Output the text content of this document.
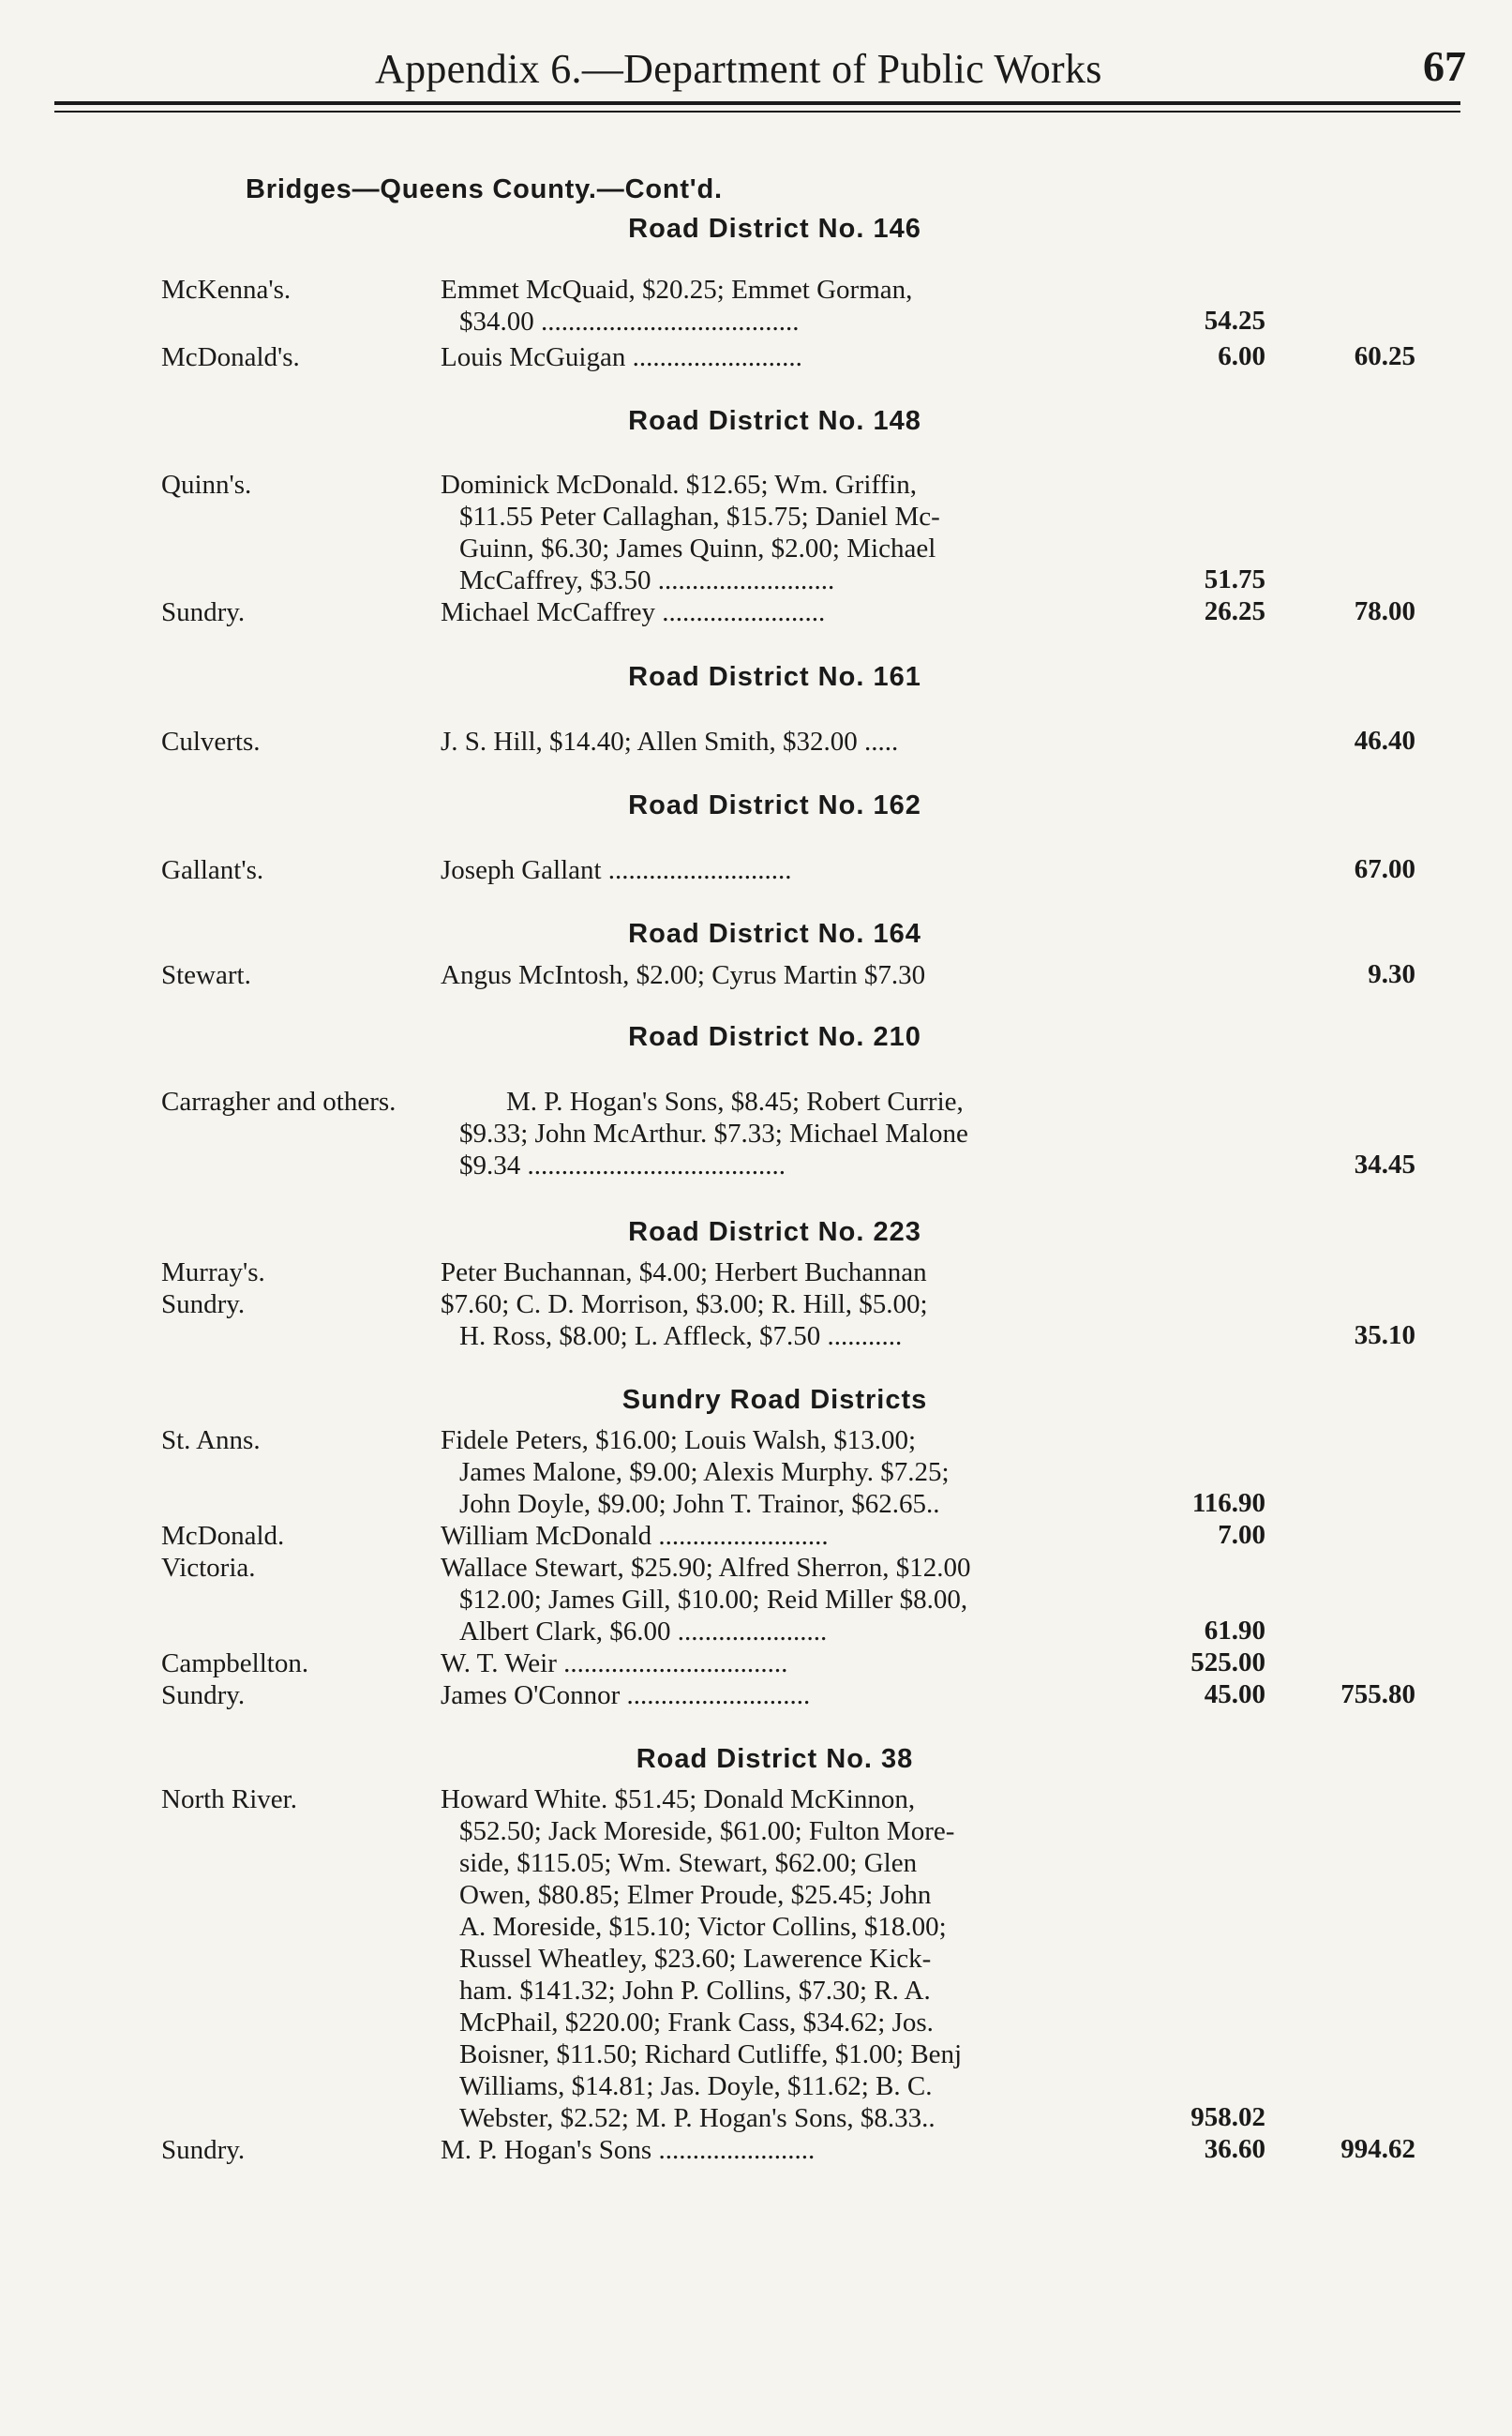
Appendix 6.—Department of Public Works	67
Bridges—Queens County.—Cont'd.
Road District No. 146
McKenna's.	Emmet McQuaid, $20.25; Emmet Gorman,
$34.00 ......................................	54.25
McDonald's.	Louis McGuigan .........................	6.00	60.25
Road District No. 148
Quinn's.	Dominick McDonald. $12.65; Wm. Griffin,
$11.55 Peter Callaghan, $15.75; Daniel Mc-
Guinn, $6.30; James Quinn, $2.00; Michael
McCaffrey, $3.50 ..........................	51.75
Sundry.	Michael McCaffrey ........................	26.25	78.00
Road District No. 161
Culverts.	J. S. Hill, $14.40; Allen Smith, $32.00 .....	46.40
Road District No. 162
Gallant's.	Joseph Gallant ...........................	67.00
Road District No. 164
Stewart.	Angus McIntosh, $2.00; Cyrus Martin $7.30	9.30
Road District No. 210
Carragher and others.	M. P. Hogan's Sons, $8.45; Robert Currie,
$9.33; John McArthur. $7.33; Michael Malone
$9.34 ......................................	34.45
Road District No. 223
Murray's.	Peter Buchannan, $4.00; Herbert Buchannan
Sundry.	$7.60; C. D. Morrison, $3.00; R. Hill, $5.00;
H. Ross, $8.00; L. Affleck, $7.50 ...........	35.10
Sundry Road Districts
St. Anns.	Fidele Peters, $16.00; Louis Walsh, $13.00;
James Malone, $9.00; Alexis Murphy. $7.25;
John Doyle, $9.00; John T. Trainor, $62.65..	116.90
McDonald.	William McDonald .........................	7.00
Victoria.	Wallace Stewart, $25.90; Alfred Sherron, $12.00
$12.00; James Gill, $10.00; Reid Miller $8.00,
Albert Clark, $6.00 ......................	61.90
Campbellton.	W. T. Weir .................................	525.00
Sundry.	James O'Connor ...........................	45.00	755.80
Road District No. 38
North River.	Howard White. $51.45; Donald McKinnon,
$52.50; Jack Moreside, $61.00; Fulton More-
side, $115.05; Wm. Stewart, $62.00; Glen
Owen, $80.85; Elmer Proude, $25.45; John
A. Moreside, $15.10; Victor Collins, $18.00;
Russel Wheatley, $23.60; Lawerence Kick-
ham. $141.32; John P. Collins, $7.30; R. A.
McPhail, $220.00; Frank Cass, $34.62; Jos.
Boisner, $11.50; Richard Cutliffe, $1.00; Benj
Williams, $14.81; Jas. Doyle, $11.62; B. C.
Webster, $2.52; M. P. Hogan's Sons, $8.33..	958.02
Sundry.	M. P. Hogan's Sons .......................	36.60	994.62
